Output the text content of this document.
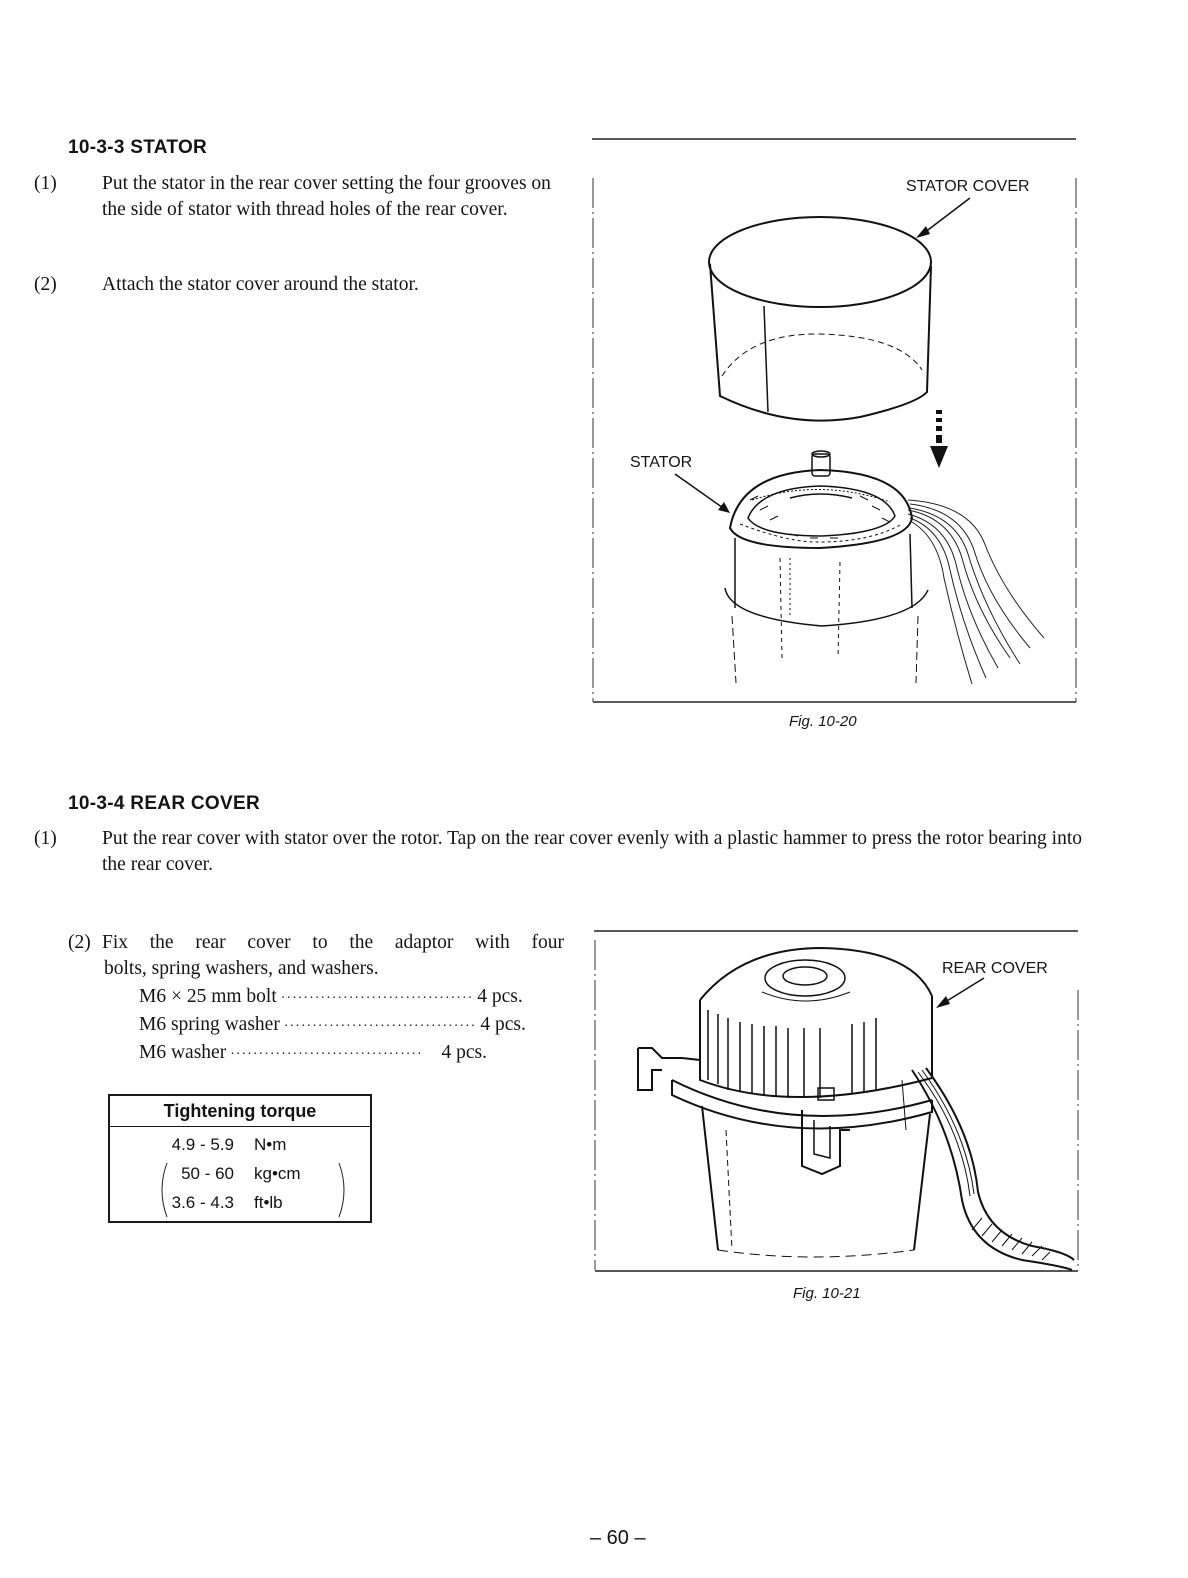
10-3-3 STATOR
(1) Put the stator in the rear cover setting the four grooves on the side of stator with thread holes of the rear cover.
(2) Attach the stator cover around the stator.
STATOR COVER
STATOR
Fig. 10-20
10-3-4 REAR COVER
(1) Put the rear cover with stator over the rotor. Tap on the rear cover evenly with a plastic hammer to press the rotor bearing into the rear cover.
(2) Fix the rear cover to the adaptor with four
bolts, spring washers, and washers.
M6 × 25 mm bolt ·································· 4 pcs.
M6 spring washer ·································· 4 pcs.
M6 washer ·································· 4 pcs.
Tightening torque
4.9 - 5.9	N•m
50 - 60	kg•cm
3.6 - 4.3	ft•lb
REAR COVER
Fig. 10-21
– 60 –
